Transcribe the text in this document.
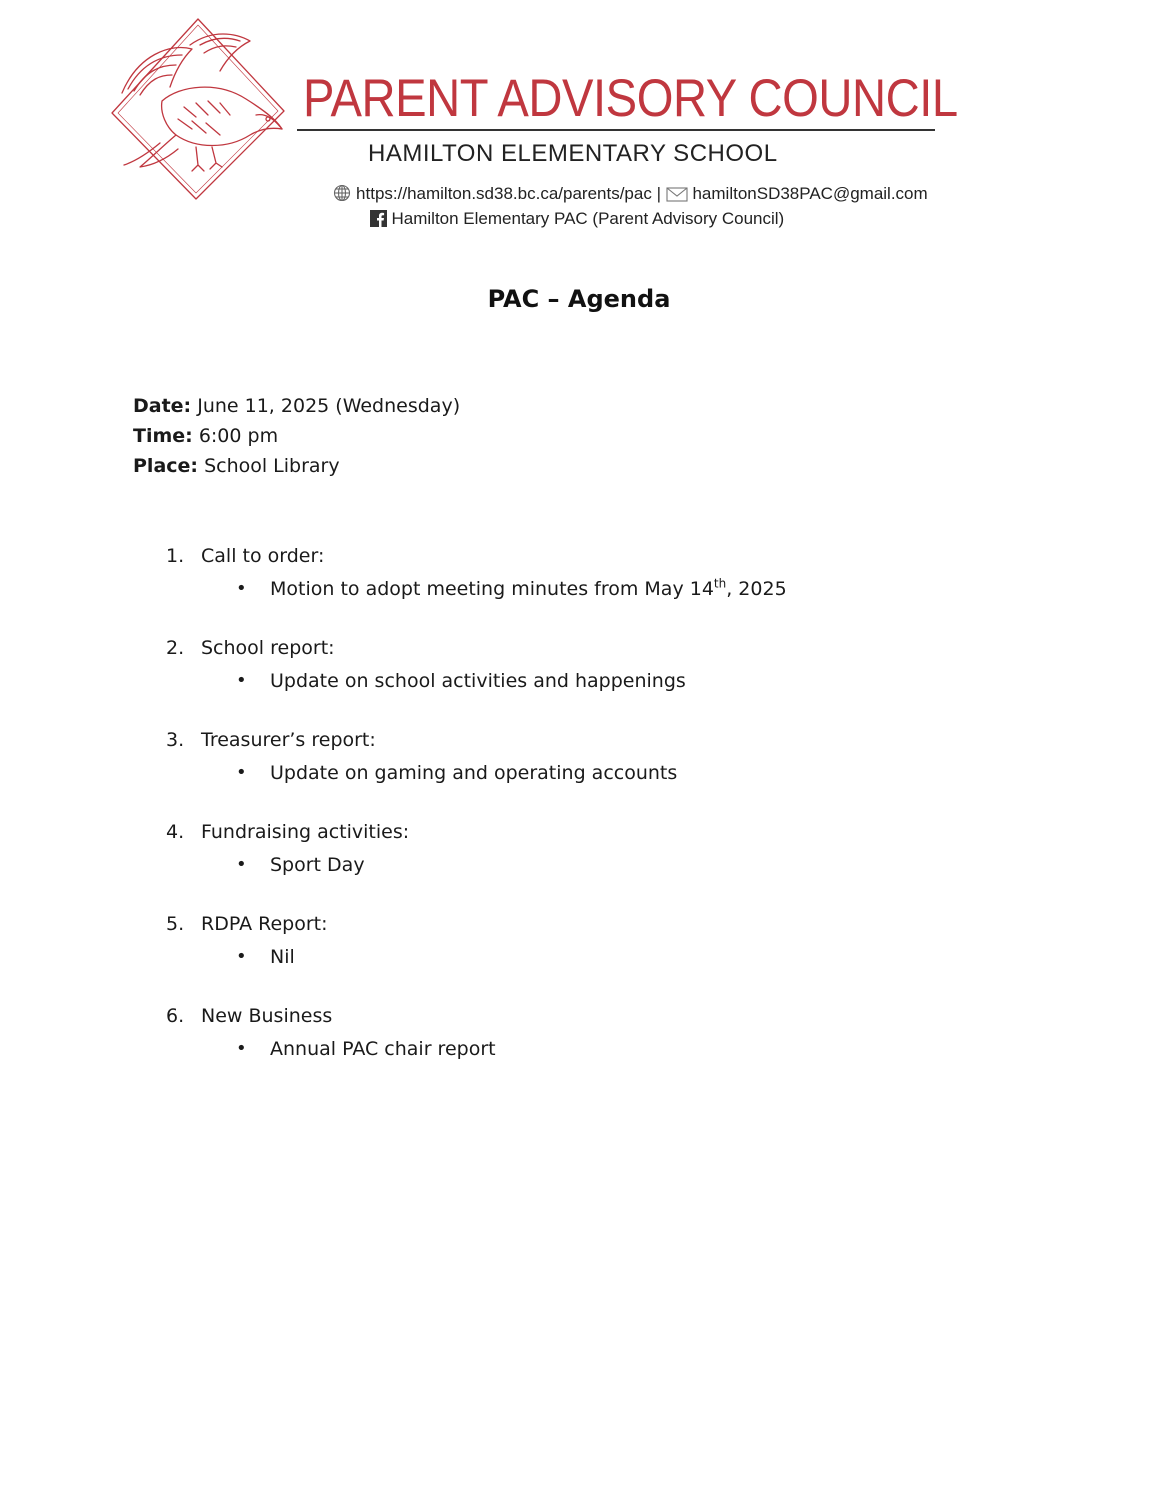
PARENT ADVISORY COUNCIL
HAMILTON ELEMENTARY SCHOOL
https://hamilton.sd38.bc.ca/parents/pac | hamiltonSD38PAC@gmail.com
Hamilton Elementary PAC (Parent Advisory Council)
PAC – Agenda
Date: June 11, 2025 (Wednesday)
Time: 6:00 pm
Place: School Library
1. Call to order:
• Motion to adopt meeting minutes from May 14th, 2025
2. School report:
• Update on school activities and happenings
3. Treasurer’s report:
• Update on gaming and operating accounts
4. Fundraising activities:
• Sport Day
5. RDPA Report:
• Nil
6. New Business
• Annual PAC chair report
